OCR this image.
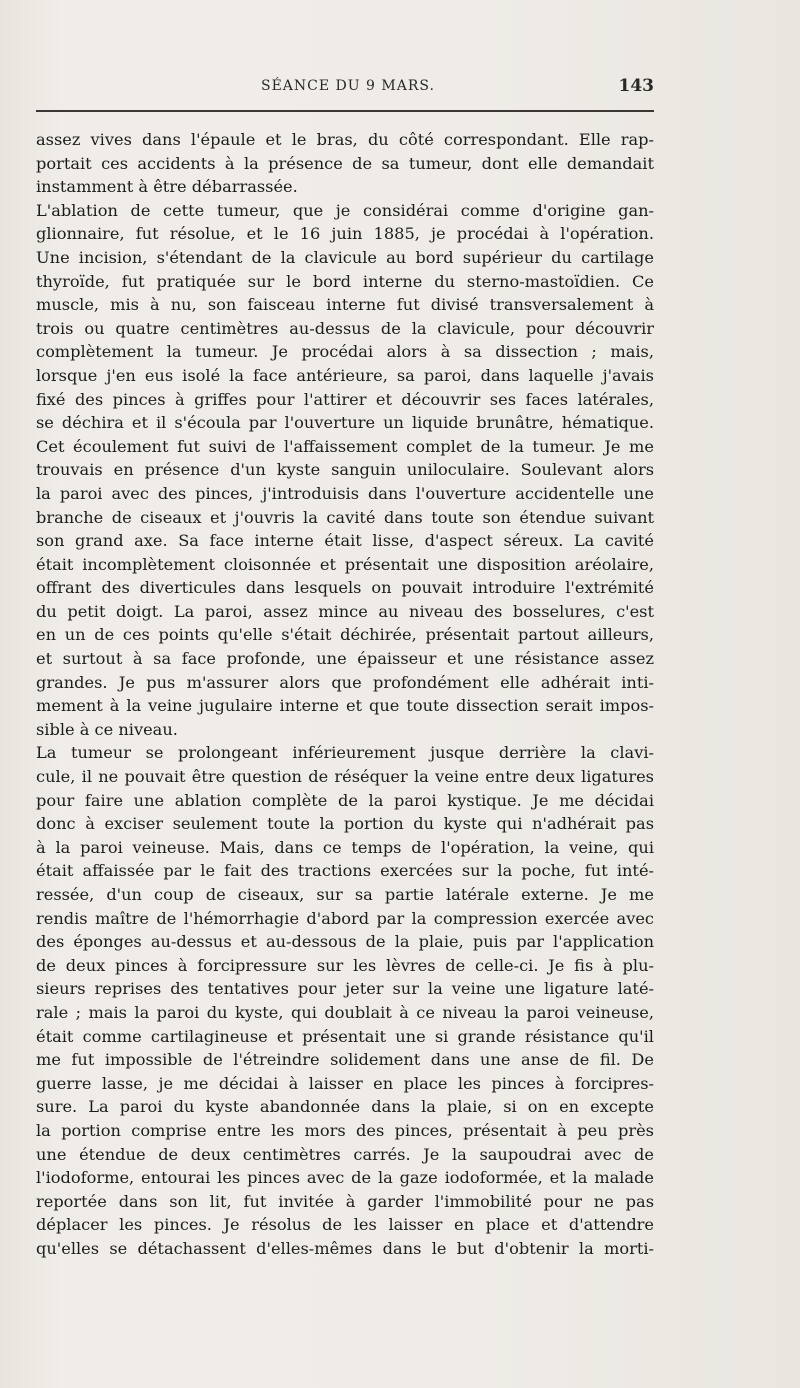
SÉANCE DU 9 MARS.	143
assez vives dans l'épaule et le bras, du côté correspondant. Elle rap-
portait ces accidents à la présence de sa tumeur, dont elle demandait
instamment à être débarrassée.
L'ablation de cette tumeur, que je considérai comme d'origine gan-
glionnaire, fut résolue, et le 16 juin 1885, je procédai à l'opération.
Une incision, s'étendant de la clavicule au bord supérieur du cartilage
thyroïde, fut pratiquée sur le bord interne du sterno-mastoïdien. Ce
muscle, mis à nu, son faisceau interne fut divisé transversalement à
trois ou quatre centimètres au-dessus de la clavicule, pour découvrir
complètement la tumeur. Je procédai alors à sa dissection ; mais,
lorsque j'en eus isolé la face antérieure, sa paroi, dans laquelle j'avais
fixé des pinces à griffes pour l'attirer et découvrir ses faces latérales,
se déchira et il s'écoula par l'ouverture un liquide brunâtre, hématique.
Cet écoulement fut suivi de l'affaissement complet de la tumeur. Je me
trouvais en présence d'un kyste sanguin uniloculaire. Soulevant alors
la paroi avec des pinces, j'introduisis dans l'ouverture accidentelle une
branche de ciseaux et j'ouvris la cavité dans toute son étendue suivant
son grand axe. Sa face interne était lisse, d'aspect séreux. La cavité
était incomplètement cloisonnée et présentait une disposition aréolaire,
offrant des diverticules dans lesquels on pouvait introduire l'extrémité
du petit doigt. La paroi, assez mince au niveau des bosselures, c'est
en un de ces points qu'elle s'était déchirée, présentait partout ailleurs,
et surtout à sa face profonde, une épaisseur et une résistance assez
grandes. Je pus m'assurer alors que profondément elle adhérait inti-
mement à la veine jugulaire interne et que toute dissection serait impos-
sible à ce niveau.
La tumeur se prolongeant inférieurement jusque derrière la clavi-
cule, il ne pouvait être question de réséquer la veine entre deux ligatures
pour faire une ablation complète de la paroi kystique. Je me décidai
donc à exciser seulement toute la portion du kyste qui n'adhérait pas
à la paroi veineuse. Mais, dans ce temps de l'opération, la veine, qui
était affaissée par le fait des tractions exercées sur la poche, fut inté-
ressée, d'un coup de ciseaux, sur sa partie latérale externe. Je me
rendis maître de l'hémorrhagie d'abord par la compression exercée avec
des éponges au-dessus et au-dessous de la plaie, puis par l'application
de deux pinces à forcipressure sur les lèvres de celle-ci. Je fis à plu-
sieurs reprises des tentatives pour jeter sur la veine une ligature laté-
rale ; mais la paroi du kyste, qui doublait à ce niveau la paroi veineuse,
était comme cartilagineuse et présentait une si grande résistance qu'il
me fut impossible de l'étreindre solidement dans une anse de fil. De
guerre lasse, je me décidai à laisser en place les pinces à forcipres-
sure. La paroi du kyste abandonnée dans la plaie, si on en excepte
la portion comprise entre les mors des pinces, présentait à peu près
une étendue de deux centimètres carrés. Je la saupoudrai avec de
l'iodoforme, entourai les pinces avec de la gaze iodoformée, et la malade
reportée dans son lit, fut invitée à garder l'immobilité pour ne pas
déplacer les pinces. Je résolus de les laisser en place et d'attendre
qu'elles se détachassent d'elles-mêmes dans le but d'obtenir la morti-
